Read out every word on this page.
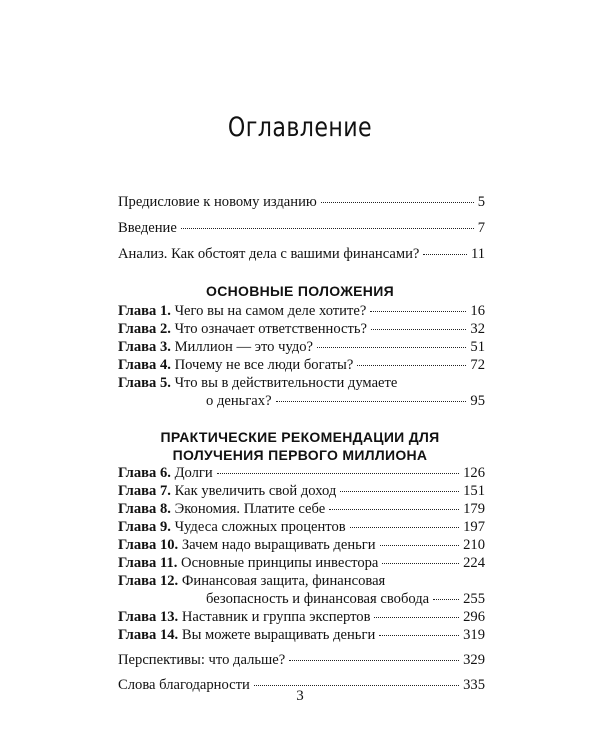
Оглавление
Предисловие к новому изданию	5
Введение	7
Анализ. Как обстоят дела с вашими финансами?	11
ОСНОВНЫЕ ПОЛОЖЕНИЯ
Глава 1. Чего вы на самом деле хотите?	16
Глава 2. Что означает ответственность?	32
Глава 3. Миллион — это чудо?	51
Глава 4. Почему не все люди богаты?	72
Глава 5. Что вы в действительности думаете
о деньгах?	95
ПРАКТИЧЕСКИЕ РЕКОМЕНДАЦИИ ДЛЯ
ПОЛУЧЕНИЯ ПЕРВОГО МИЛЛИОНА
Глава 6. Долги	126
Глава 7. Как увеличить свой доход	151
Глава 8. Экономия. Платите себе	179
Глава 9. Чудеса сложных процентов	197
Глава 10. Зачем надо выращивать деньги	210
Глава 11. Основные принципы инвестора	224
Глава 12. Финансовая защита, финансовая
безопасность и финансовая свобода 255
Глава 13. Наставник и группа экспертов	296
Глава 14. Вы можете выращивать деньги	319
Перспективы: что дальше?	329
Слова благодарности	335
3
